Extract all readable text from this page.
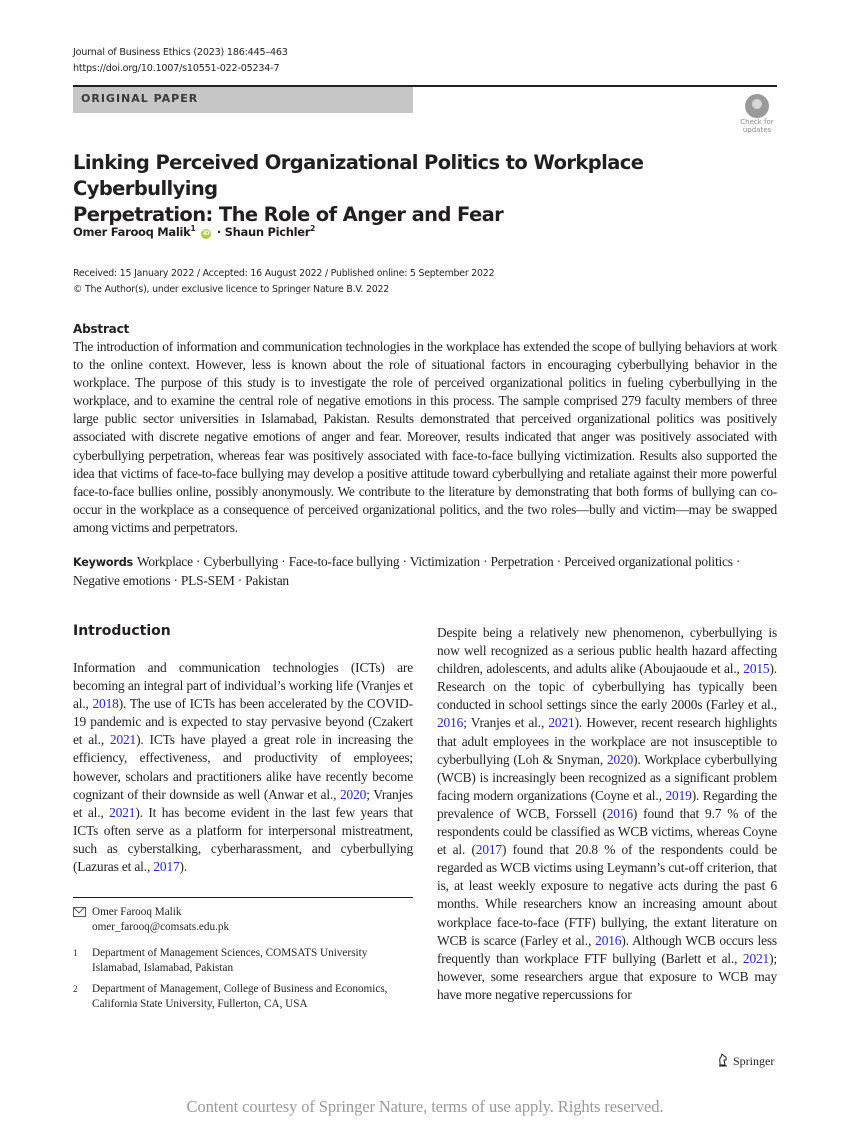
Journal of Business Ethics (2023) 186:445–463
https://doi.org/10.1007/s10551-022-05234-7
ORIGINAL PAPER
Check for
updates
Linking Perceived Organizational Politics to Workplace Cyberbullying
Perpetration: The Role of Anger and Fear
Omer Farooq Malik$^1$ iD · Shaun Pichler$^2$
Received: 15 January 2022 / Accepted: 16 August 2022 / Published online: 5 September 2022
© The Author(s), under exclusive licence to Springer Nature B.V. 2022
Abstract
The introduction of information and communication technologies in the workplace has extended the scope of bullying behaviors at work to the online context. However, less is known about the role of situational factors in encouraging cyberbullying behavior in the workplace. The purpose of this study is to investigate the role of perceived organizational politics in fueling cyberbullying in the workplace, and to examine the central role of negative emotions in this process. The sample comprised 279 faculty members of three large public sector universities in Islamabad, Pakistan. Results demonstrated that perceived organizational politics was positively associated with discrete negative emotions of anger and fear. Moreover, results indicated that anger was positively associated with cyberbullying perpetration, whereas fear was positively associated with face-to-face bullying victimization. Results also supported the idea that victims of face-to-face bullying may develop a positive attitude toward cyberbullying and retaliate against their more powerful face-to-face bullies online, possibly anonymously. We contribute to the literature by demonstrating that both forms of bullying can co-occur in the workplace as a consequence of perceived organizational politics, and the two roles—bully and victim—may be swapped among victims and perpetrators.
Keywords Workplace · Cyberbullying · Face-to-face bullying · Victimization · Perpetration · Perceived organizational politics · Negative emotions · PLS-SEM · Pakistan
Introduction
Information and communication technologies (ICTs) are becoming an integral part of individual’s working life (Vranjes et al., 2018). The use of ICTs has been accelerated by the COVID-19 pandemic and is expected to stay pervasive beyond (Czakert et al., 2021). ICTs have played a great role in increasing the efficiency, effectiveness, and productivity of employees; however, scholars and practitioners alike have recently become cognizant of their downside as well (Anwar et al., 2020; Vranjes et al., 2021). It has become evident in the last few years that ICTs often serve as a platform for interpersonal mistreatment, such as cyberstalking, cyberharassment, and cyberbullying (Lazuras et al., 2017).
Despite being a relatively new phenomenon, cyberbullying is now well recognized as a serious public health hazard affecting children, adolescents, and adults alike (Aboujaoude et al., 2015). Research on the topic of cyberbullying has typically been conducted in school settings since the early 2000s (Farley et al., 2016; Vranjes et al., 2021). However, recent research highlights that adult employees in the workplace are not insusceptible to cyberbullying (Loh & Snyman, 2020). Workplace cyberbullying (WCB) is increasingly been recognized as a significant problem facing modern organizations (Coyne et al., 2019). Regarding the prevalence of WCB, Forssell (2016) found that 9.7 % of the respondents could be classified as WCB victims, whereas Coyne et al. (2017) found that 20.8 % of the respondents could be regarded as WCB victims using Leymann’s cut-off criterion, that is, at least weekly exposure to negative acts during the past 6 months. While researchers know an increasing amount about workplace face-to-face (FTF) bullying, the extant literature on WCB is scarce (Farley et al., 2016). Although WCB occurs less frequently than workplace FTF bullying (Barlett et al., 2021); however, some researchers argue that exposure to WCB may have more negative repercussions for
Omer Farooq Malik
omer_farooq@comsats.edu.pk
1	Department of Management Sciences, COMSATS University Islamabad, Islamabad, Pakistan
2	Department of Management, College of Business and Economics, California State University, Fullerton, CA, USA
Springer
Content courtesy of Springer Nature, terms of use apply. Rights reserved.
